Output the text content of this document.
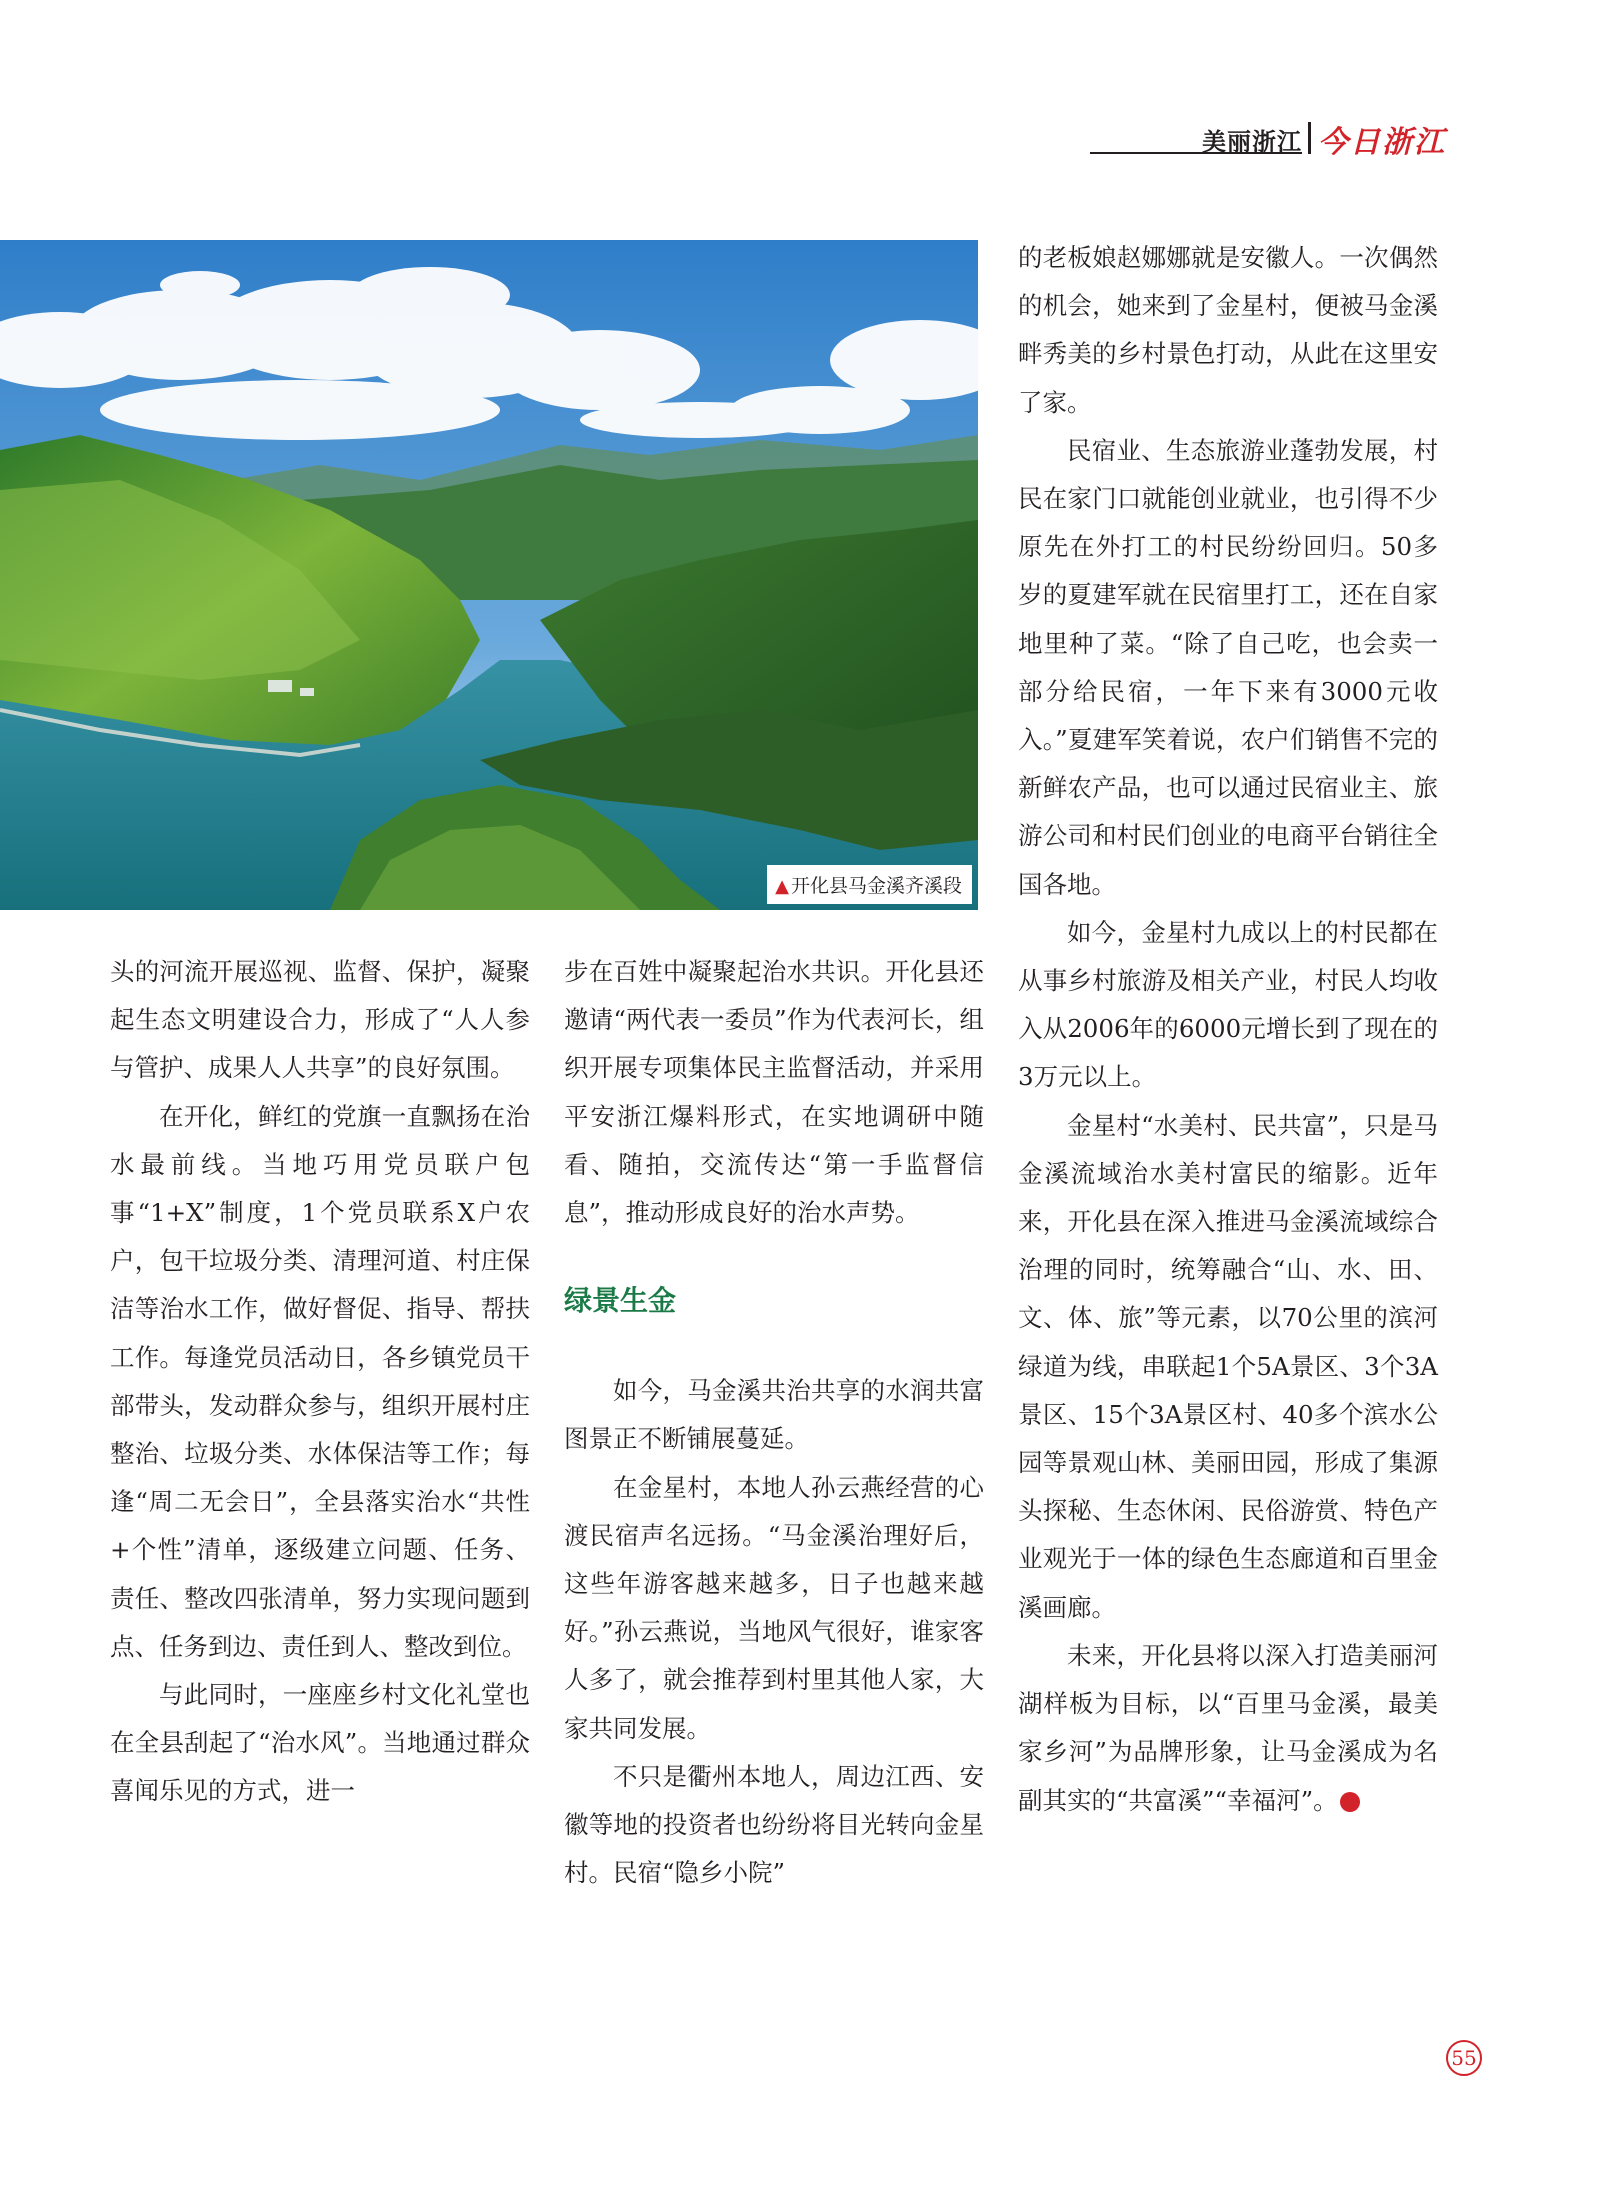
美丽浙江 今日浙江
▲ 开化县马金溪齐溪段

头的河流开展巡视、监督、保护，凝聚起生态文明建设合力，形成了“人人参与管护、成果人人共享”的良好氛围。

在开化，鲜红的党旗一直飘扬在治水最前线。当地巧用党员联户包事“1+X”制度，1个党员联系X户农户，包干垃圾分类、清理河道、村庄保洁等治水工作，做好督促、指导、帮扶工作。每逢党员活动日，各乡镇党员干部带头，发动群众参与，组织开展村庄整治、垃圾分类、水体保洁等工作；每逢“周二无会日”，全县落实治水“共性+个性”清单，逐级建立问题、任务、责任、整改四张清单，努力实现问题到点、任务到边、责任到人、整改到位。

与此同时，一座座乡村文化礼堂也在全县刮起了“治水风”。当地通过群众喜闻乐见的方式，进一

步在百姓中凝聚起治水共识。开化县还邀请“两代表一委员”作为代表河长，组织开展专项集体民主监督活动，并采用平安浙江爆料形式，在实地调研中随看、随拍，交流传达“第一手监督信息”，推动形成良好的治水声势。

绿景生金

如今，马金溪共治共享的水润共富图景正不断铺展蔓延。

在金星村，本地人孙云燕经营的心渡民宿声名远扬。“马金溪治理好后，这些年游客越来越多，日子也越来越好。”孙云燕说，当地风气很好，谁家客人多了，就会推荐到村里其他人家，大家共同发展。

不只是衢州本地人，周边江西、安徽等地的投资者也纷纷将目光转向金星村。民宿“隐乡小院”

的老板娘赵娜娜就是安徽人。一次偶然的机会，她来到了金星村，便被马金溪畔秀美的乡村景色打动，从此在这里安了家。

民宿业、生态旅游业蓬勃发展，村民在家门口就能创业就业，也引得不少原先在外打工的村民纷纷回归。50多岁的夏建军就在民宿里打工，还在自家地里种了菜。“除了自己吃，也会卖一部分给民宿，一年下来有3000元收入。”夏建军笑着说，农户们销售不完的新鲜农产品，也可以通过民宿业主、旅游公司和村民们创业的电商平台销往全国各地。

如今，金星村九成以上的村民都在从事乡村旅游及相关产业，村民人均收入从2006年的6000元增长到了现在的3万元以上。

金星村“水美村、民共富”，只是马金溪流域治水美村富民的缩影。近年来，开化县在深入推进马金溪流域综合治理的同时，统筹融合“山、水、田、文、体、旅”等元素，以70公里的滨河绿道为线，串联起1个5A景区、3个3A景区、15个3A景区村、40多个滨水公园等景观山林、美丽田园，形成了集源头探秘、生态休闲、民俗游赏、特色产业观光于一体的绿色生态廊道和百里金溪画廊。

未来，开化县将以深入打造美丽河湖样板为目标，以“百里马金溪，最美家乡河”为品牌形象，让马金溪成为名副其实的“共富溪”“幸福河”。	今

55
